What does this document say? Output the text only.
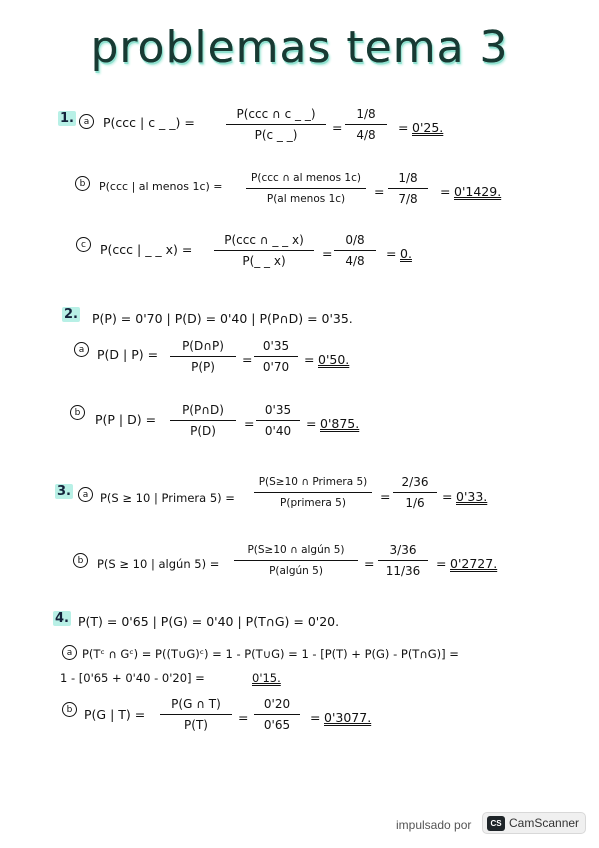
problemas tema 3
1.	a	P(ccc | c _ _) =
P(ccc ∩ c _ _)
P(c _ _)	=
1/8
4/8	= 0'25.
b	P(ccc | al menos 1c) =
P(ccc ∩ al menos 1c)
P(al menos 1c)	=
1/8
7/8	= 0'1429.
c	P(ccc | _ _ x) =
P(ccc ∩ _ _ x)
P(_ _ x)	=
0/8
4/8	= 0.
2. P(P) = 0'70 | P(D) = 0'40 | P(P∩D) = 0'35.
a	P(D | P) =
P(D∩P)
P(P)	=
0'35
0'70	= 0'50.
b	P(P | D) =
P(P∩D)
P(D)	=
0'35
0'40	= 0'875.
3.	a	P(S ≥ 10 | Primera 5) =
P(S≥10 ∩ Primera 5)
P(primera 5)	=
2/36
1/6	= 0'33.
b	P(S ≥ 10 | algún 5) =
P(S≥10 ∩ algún 5)
P(algún 5)	=
3/36
11/36	= 0'2727.
4. P(T) = 0'65 | P(G) = 0'40 | P(T∩G) = 0'20.
a P(Tᶜ ∩ Gᶜ) = P((T∪G)ᶜ) = 1 - P(T∪G) = 1 - [P(T) + P(G) - P(T∩G)] =
1 - [0'65 + 0'40 - 0'20] =	0'15.
b P(G | T) =
P(G ∩ T)
P(T)	=
0'20
0'65	= 0'3077.
impulsado por	CS CamScanner
